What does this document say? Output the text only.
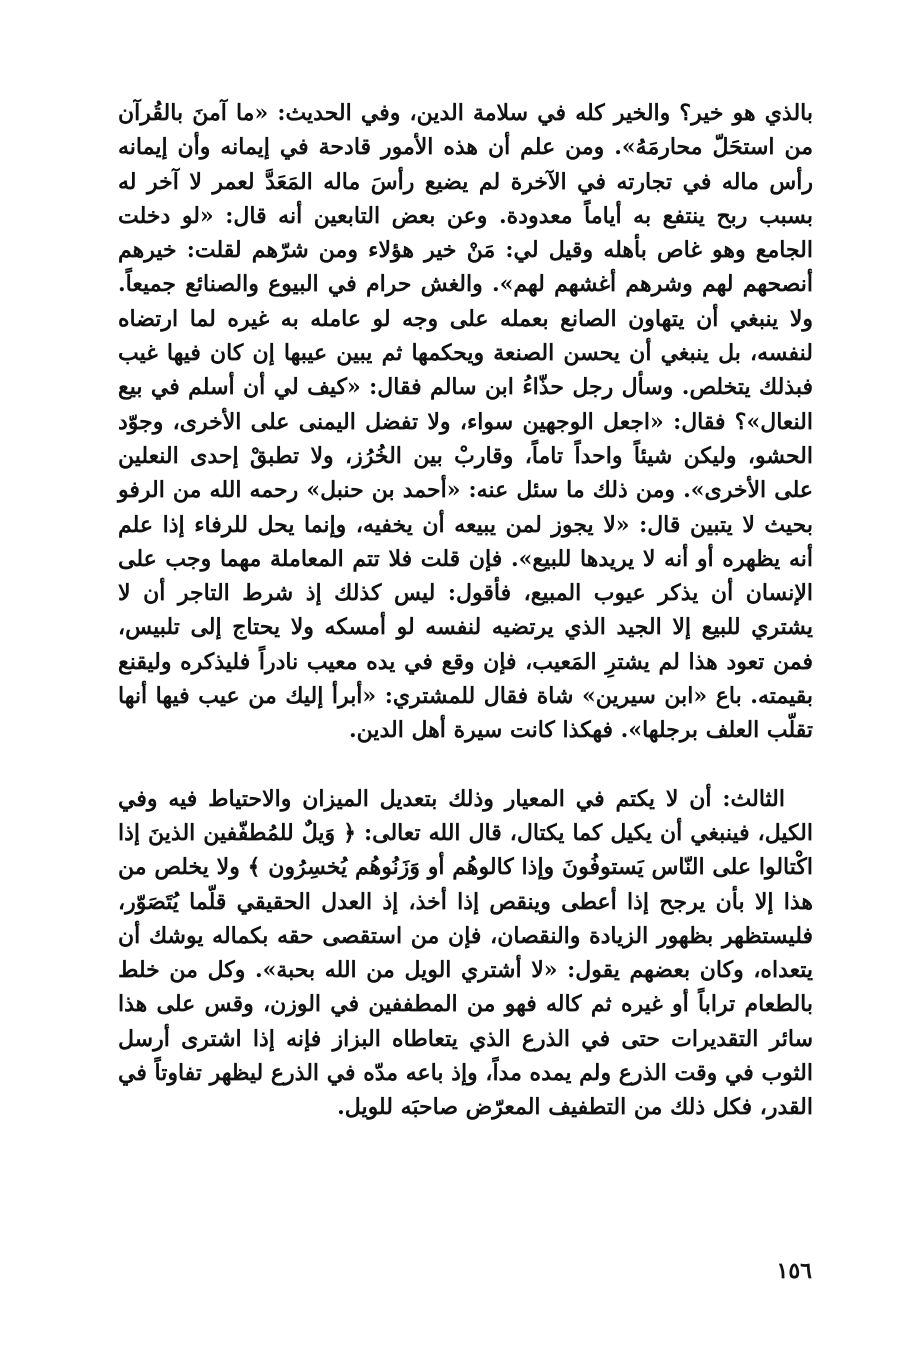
بالذي هو خير؟ والخير كله في سلامة الدين، وفي الحديث: «ما آمنَ بالقُرآن من استحَلّ محارمَهُ». ومن علم أن هذه الأمور قادحة في إيمانه وأن إيمانه رأس ماله في تجارته في الآخرة لم يضيع رأسَ ماله المَعَدَّ لعمر لا آخر له بسبب ربح ينتفع به أياماً معدودة. وعن بعض التابعين أنه قال: «لو دخلت الجامع وهو غاص بأهله وقيل لي: مَنْ خير هؤلاء ومن شرّهم لقلت: خيرهم أنصحهم لهم وشرهم أغشهم لهم». والغش حرام في البيوع والصنائع جميعاً. ولا ينبغي أن يتهاون الصانع بعمله على وجه لو عامله به غيره لما ارتضاه لنفسه، بل ينبغي أن يحسن الصنعة ويحكمها ثم يبين عيبها إن كان فيها غيب فبذلك يتخلص. وسأل رجل حذّاءُ ابن سالم فقال: «كيف لي أن أسلم في بيع النعال»؟ فقال: «اجعل الوجهين سواء، ولا تفضل اليمنى على الأخرى، وجوّد الحشو، وليكن شيئاً واحداً تاماً، وقاربْ بين الخُرُز، ولا تطبقْ إحدى النعلين على الأخرى». ومن ذلك ما سئل عنه: «أحمد بن حنبل» رحمه الله من الرفو بحيث لا يتبين قال: «لا يجوز لمن يبيعه أن يخفيه، وإنما يحل للرفاء إذا علم أنه يظهره أو أنه لا يريدها للبيع». فإن قلت فلا تتم المعاملة مهما وجب على الإنسان أن يذكر عيوب المبيع، فأقول: ليس كذلك إذ شرط التاجر أن لا يشتري للبيع إلا الجيد الذي يرتضيه لنفسه لو أمسكه ولا يحتاج إلى تلبيس، فمن تعود هذا لم يشترِ المَعيب، فإن وقع في يده معيب نادراً فليذكره وليقنع بقيمته. باع «ابن سيرين» شاة فقال للمشتري: «أبرأ إليك من عيب فيها أنها تقلّب العلف برجلها». فهكذا كانت سيرة أهل الدين.

الثالث: أن لا يكتم في المعيار وذلك بتعديل الميزان والاحتياط فيه وفي الكيل، فينبغي أن يكيل كما يكتال، قال الله تعالى: ﴿ وَيلٌ للمُطفّفين الذينَ إذا اكْتالوا على النّاس يَستوفُونَ وإذا كالوهُم أو وَزَنُوهُم يُخسِرُون ﴾ ولا يخلص من هذا إلا بأن يرجح إذا أعطى وينقص إذا أخذ، إذ العدل الحقيقي قلّما يُتَصَوّر، فليستظهر بظهور الزيادة والنقصان، فإن من استقصى حقه بكماله يوشك أن يتعداه، وكان بعضهم يقول: «لا أشتري الويل من الله بحبة». وكل من خلط بالطعام تراباً أو غيره ثم كاله فهو من المطففين في الوزن، وقس على هذا سائر التقديرات حتى في الذرع الذي يتعاطاه البزاز فإنه إذا اشترى أرسل الثوب في وقت الذرع ولم يمده مداً، وإذ باعه مدّه في الذرع ليظهر تفاوتاً في القدر، فكل ذلك من التطفيف المعرّض صاحبَه للويل.

١٥٦
